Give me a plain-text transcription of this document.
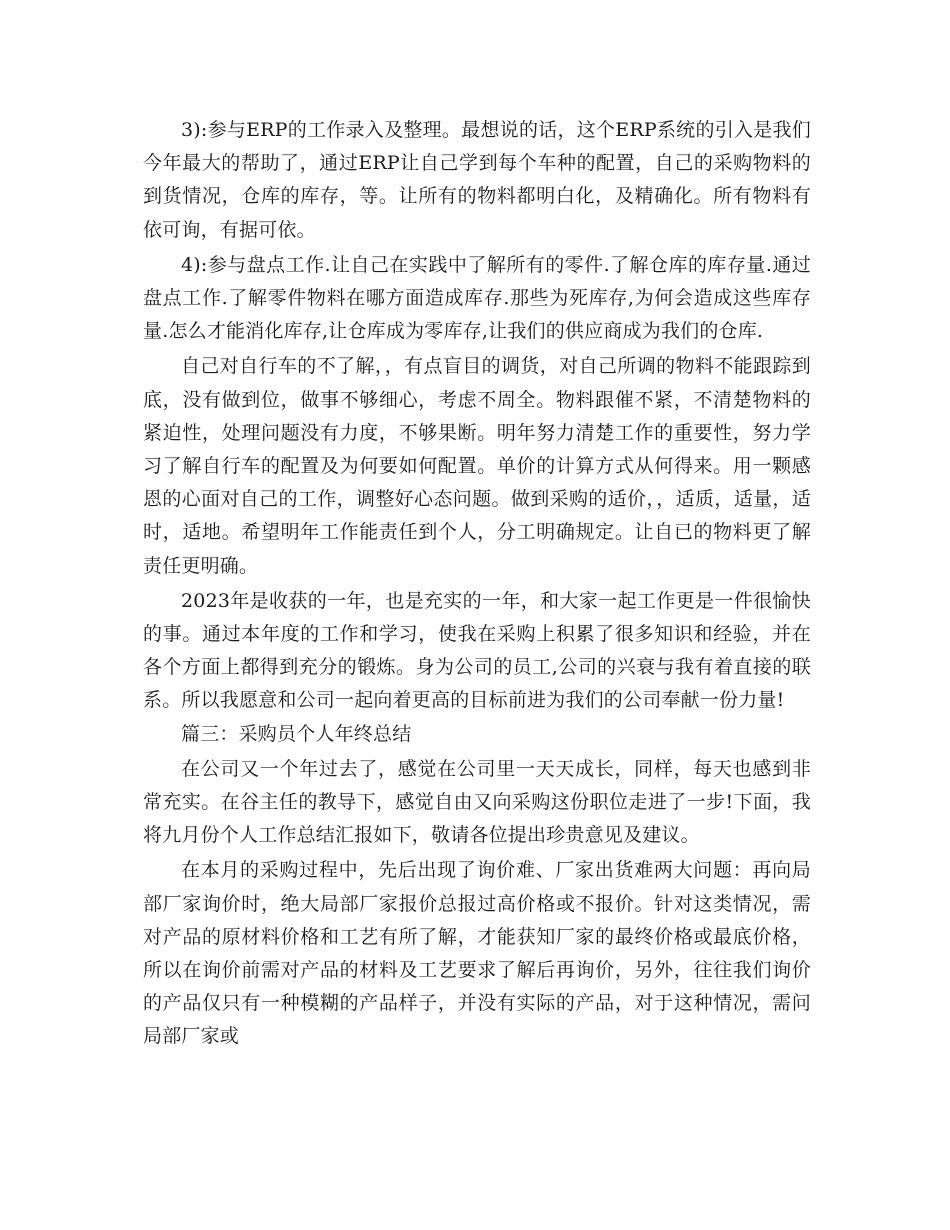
3):参与ERP的工作录入及整理。最想说的话，这个ERP系统的引入是我们今年最大的帮助了，通过ERP让自己学到每个车种的配置，自己的采购物料的到货情况，仓库的库存，等。让所有的物料都明白化，及精确化。所有物料有依可询，有据可依。

4):参与盘点工作.让自己在实践中了解所有的零件.了解仓库的库存量.通过盘点工作.了解零件物料在哪方面造成库存.那些为死库存,为何会造成这些库存量.怎么才能消化库存,让仓库成为零库存,让我们的供应商成为我们的仓库.

自己对自行车的不了解，，有点盲目的调货，对自己所调的物料不能跟踪到底，没有做到位，做事不够细心，考虑不周全。物料跟催不紧，不清楚物料的紧迫性，处理问题没有力度，不够果断。明年努力清楚工作的重要性，努力学习了解自行车的配置及为何要如何配置。单价的计算方式从何得来。用一颗感恩的心面对自己的工作，调整好心态问题。做到采购的适价，，适质，适量，适时，适地。希望明年工作能责任到个人，分工明确规定。让自已的物料更了解责任更明确。

2023年是收获的一年，也是充实的一年，和大家一起工作更是一件很愉快的事。通过本年度的工作和学习，使我在采购上积累了很多知识和经验，并在各个方面上都得到充分的锻炼。身为公司的员工,公司的兴衰与我有着直接的联系。所以我愿意和公司一起向着更高的目标前进为我们的公司奉献一份力量!

篇三：采购员个人年终总结

在公司又一个年过去了，感觉在公司里一天天成长，同样，每天也感到非常充实。在谷主任的教导下，感觉自由又向采购这份职位走进了一步!下面，我将九月份个人工作总结汇报如下，敬请各位提出珍贵意见及建议。

在本月的采购过程中，先后出现了询价难、厂家出货难两大问题：再向局部厂家询价时，绝大局部厂家报价总报过高价格或不报价。针对这类情况，需对产品的原材料价格和工艺有所了解，才能获知厂家的最终价格或最底价格，所以在询价前需对产品的材料及工艺要求了解后再询价，另外，往往我们询价的产品仅只有一种模糊的产品样子，并没有实际的产品，对于这种情况，需问局部厂家或
